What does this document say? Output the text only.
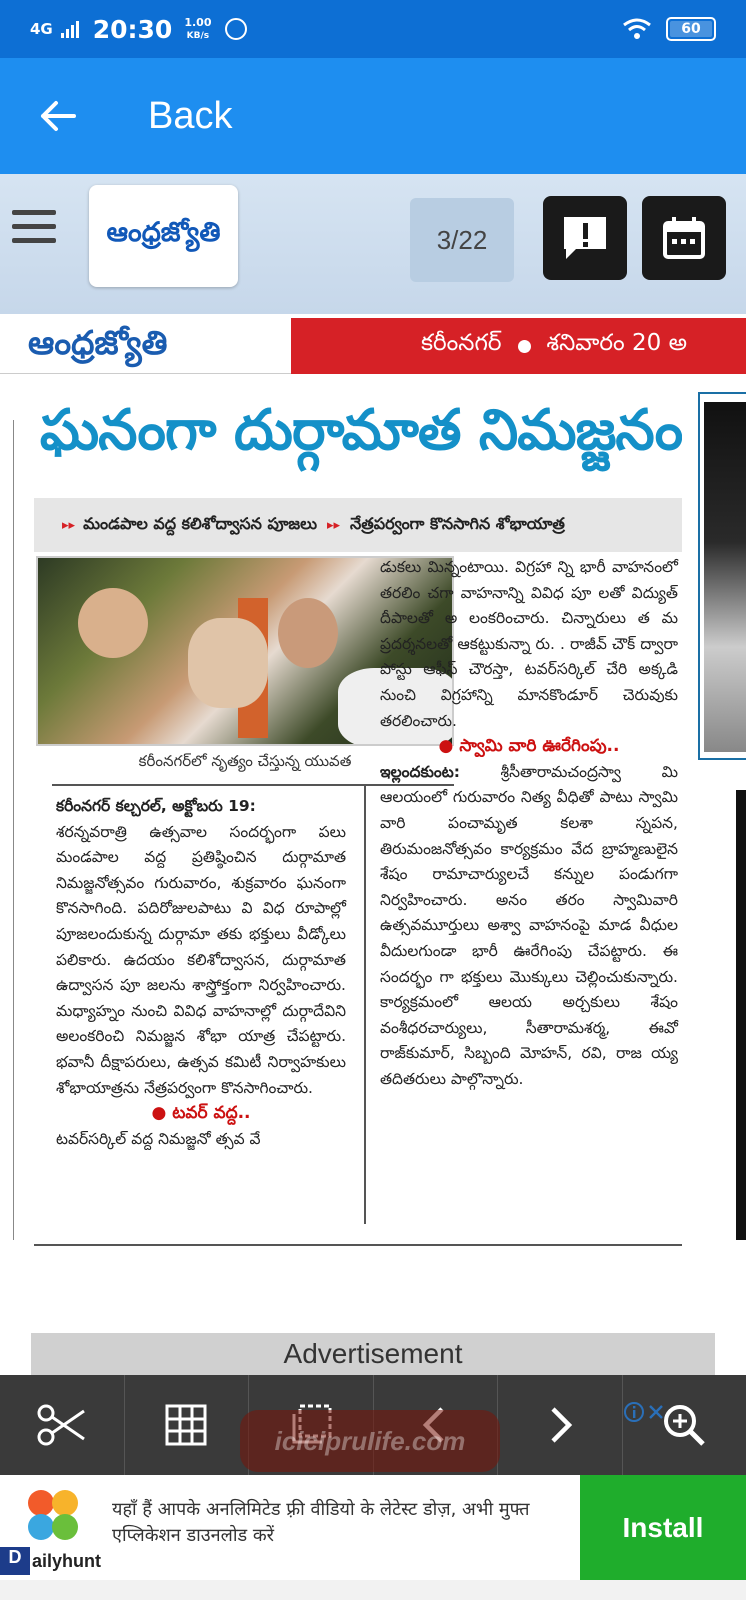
4G 20:30 1.00
KB/s	60
Back
ఆంధ్రజ్యోతి	3/22
ఆంధ్రజ్యోతి	కరీంనగర్ శనివారం 20 అ
ఘనంగా దుర్గామాత నిమజ్జనం
▸▸ మండపాల వద్ద కలిశోద్వాసన పూజలు ▸▸ నేత్రపర్వంగా కొనసాగిన శోభాయాత్ర
కరీంనగర్‌లో నృత్యం చేస్తున్న యువత

కరీంనగర్ కల్చరల్, అక్టోబరు 19:

శరన్నవరాత్రి ఉత్సవాల సందర్భంగా పలు మండపాల వద్ద ప్రతిష్ఠించిన దుర్గామాత నిమజ్జనోత్సవం గురువారం, శుక్రవారం ఘనంగా కొనసాగింది. పదిరోజులపాటు వి విధ రూపాల్లో పూజలందుకున్న దుర్గామా తకు భక్తులు వీడ్కోలు పలికారు. ఉదయం కలిశోద్వాసన, దుర్గామాత ఉద్వాసన పూ జలను శాస్త్రోక్తంగా నిర్వహించారు. మధ్యాహ్నం నుంచి వివిధ వాహనాల్లో దుర్గాదేవిని అలంకరించి నిమజ్జన శోభా యాత్ర చేపట్టారు. భవానీ దీక్షాపరులు, ఉత్సవ కమిటీ నిర్వాహకులు శోభాయాత్రను నేత్రపర్వంగా కొనసాగించారు.

● టవర్ వద్ద..

టవర్‌సర్కిల్ వద్ద నిమజ్జనో త్సవ వే

డుకలు మిన్నంటాయి. విగ్రహా న్ని భారీ వాహనంలో తరలిం చగా వాహనాన్ని వివిధ పూ లతో విద్యుత్ దీపాలతో అ లంకరించారు. చిన్నారులు త మ ప్రదర్శనలతో ఆకట్టుకున్నా రు. . రాజీవ్ చౌక్ ద్వారా పోస్టు ఆఫీస్ చౌరస్తా, టవర్‌సర్కిల్ చేరి అక్కడి నుంచి విగ్రహాన్ని మానకొండూర్ చెరువుకు తరలించారు.

● స్వామి వారి ఊరేగింపు..

ఇల్లందకుంట:	శ్రీసీతారామచంద్రస్వా మి ఆలయంలో గురువారం నిత్య వీధితో పాటు స్వామి వారి పంచామృత కలశా స్నపన, తిరుమంజనోత్సవం కార్యక్రమం వేద బ్రాహ్మణులైన శేషం రామాచార్యులచే కన్నుల పండుగగా నిర్వహించారు. అనం తరం స్వామివారి ఉత్సవమూర్తులు అశ్వా వాహనంపై మాడ వీధుల వీదులగుండా భారీ ఊరేగింపు చేపట్టారు. ఈ సందర్భం గా భక్తులు మొక్కులు చెల్లించుకున్నారు. కార్యక్రమంలో ఆలయ అర్చకులు శేషం వంశీధరచార్యులు, సీతారామశర్మ, ఈవో రాజ్‌కుమార్, సిబ్బంది మోహన్, రవి, రాజ య్య తదితరులు పాల్గొన్నారు.

Advertisement
icicipruIife.com
D ailyhunt
यहाँ हैं आपके अनलिमिटेड फ़्री वीडियो के लेटेस्ट डोज़, अभी मुफ्त एप्लिकेशन डाउनलोड करें	Install
